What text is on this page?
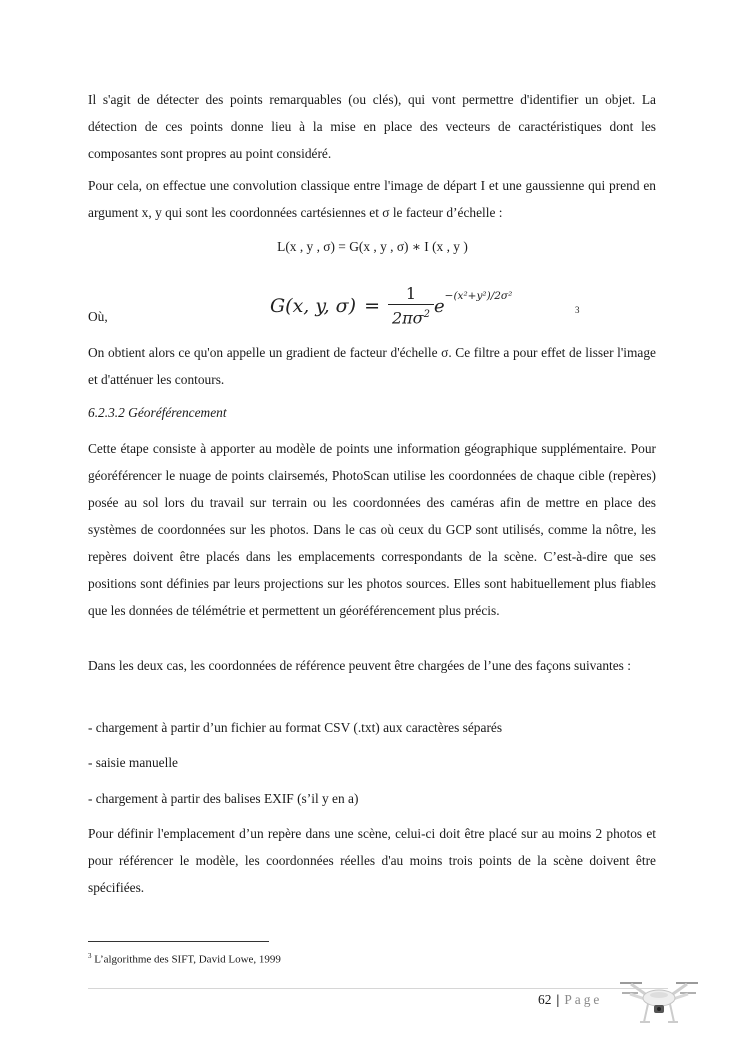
Il s'agit de détecter des points remarquables (ou clés), qui vont permettre d'identifier un objet. La détection de ces points donne lieu à la mise en place des vecteurs de caractéristiques dont les composantes sont propres au point considéré.

Pour cela, on effectue une convolution classique entre l'image de départ I et une gaussienne qui prend en argument x, y qui sont les coordonnées cartésiennes et σ le facteur d’échelle :

L(x , y , σ) = G(x , y , σ) ∗ I (x , y )

Où,	G(x, y, $\sigma) = \frac{1}{2\pi\sigma^2} e^{-(x^2+y^2)/2\sigma^2}$

3

On obtient alors ce qu'on appelle un gradient de facteur d'échelle σ. Ce filtre a pour effet de lisser l'image et d'atténuer les contours.

6.2.3.2 Géoréférencement

Cette étape consiste à apporter au modèle de points une information géographique supplémentaire. Pour géoréférencer le nuage de points clairsemés, PhotoScan utilise les coordonnées de chaque cible (repères) posée au sol lors du travail sur terrain ou les coordonnées des caméras afin de mettre en place des systèmes de coordonnées sur les photos. Dans le cas où ceux du GCP sont utilisés, comme la nôtre, les repères doivent être placés dans les emplacements correspondants de la scène. C’est-à-dire que ses positions sont définies par leurs projections sur les photos sources. Elles sont habituellement plus fiables que les données de télémétrie et permettent un géoréférencement plus précis.

Dans les deux cas, les coordonnées de référence peuvent être chargées de l’une des façons suivantes :

- chargement à partir d’un fichier au format CSV (.txt) aux caractères séparés

- saisie manuelle

- chargement à partir des balises EXIF (s’il y en a)

Pour définir l'emplacement d’un repère dans une scène, celui-ci doit être placé sur au moins 2 photos et pour référencer le modèle, les coordonnées réelles d'au moins trois points de la scène doivent être spécifiées.

$^3$ L’algorithme des SIFT, David Lowe, 1999

62 | Page
